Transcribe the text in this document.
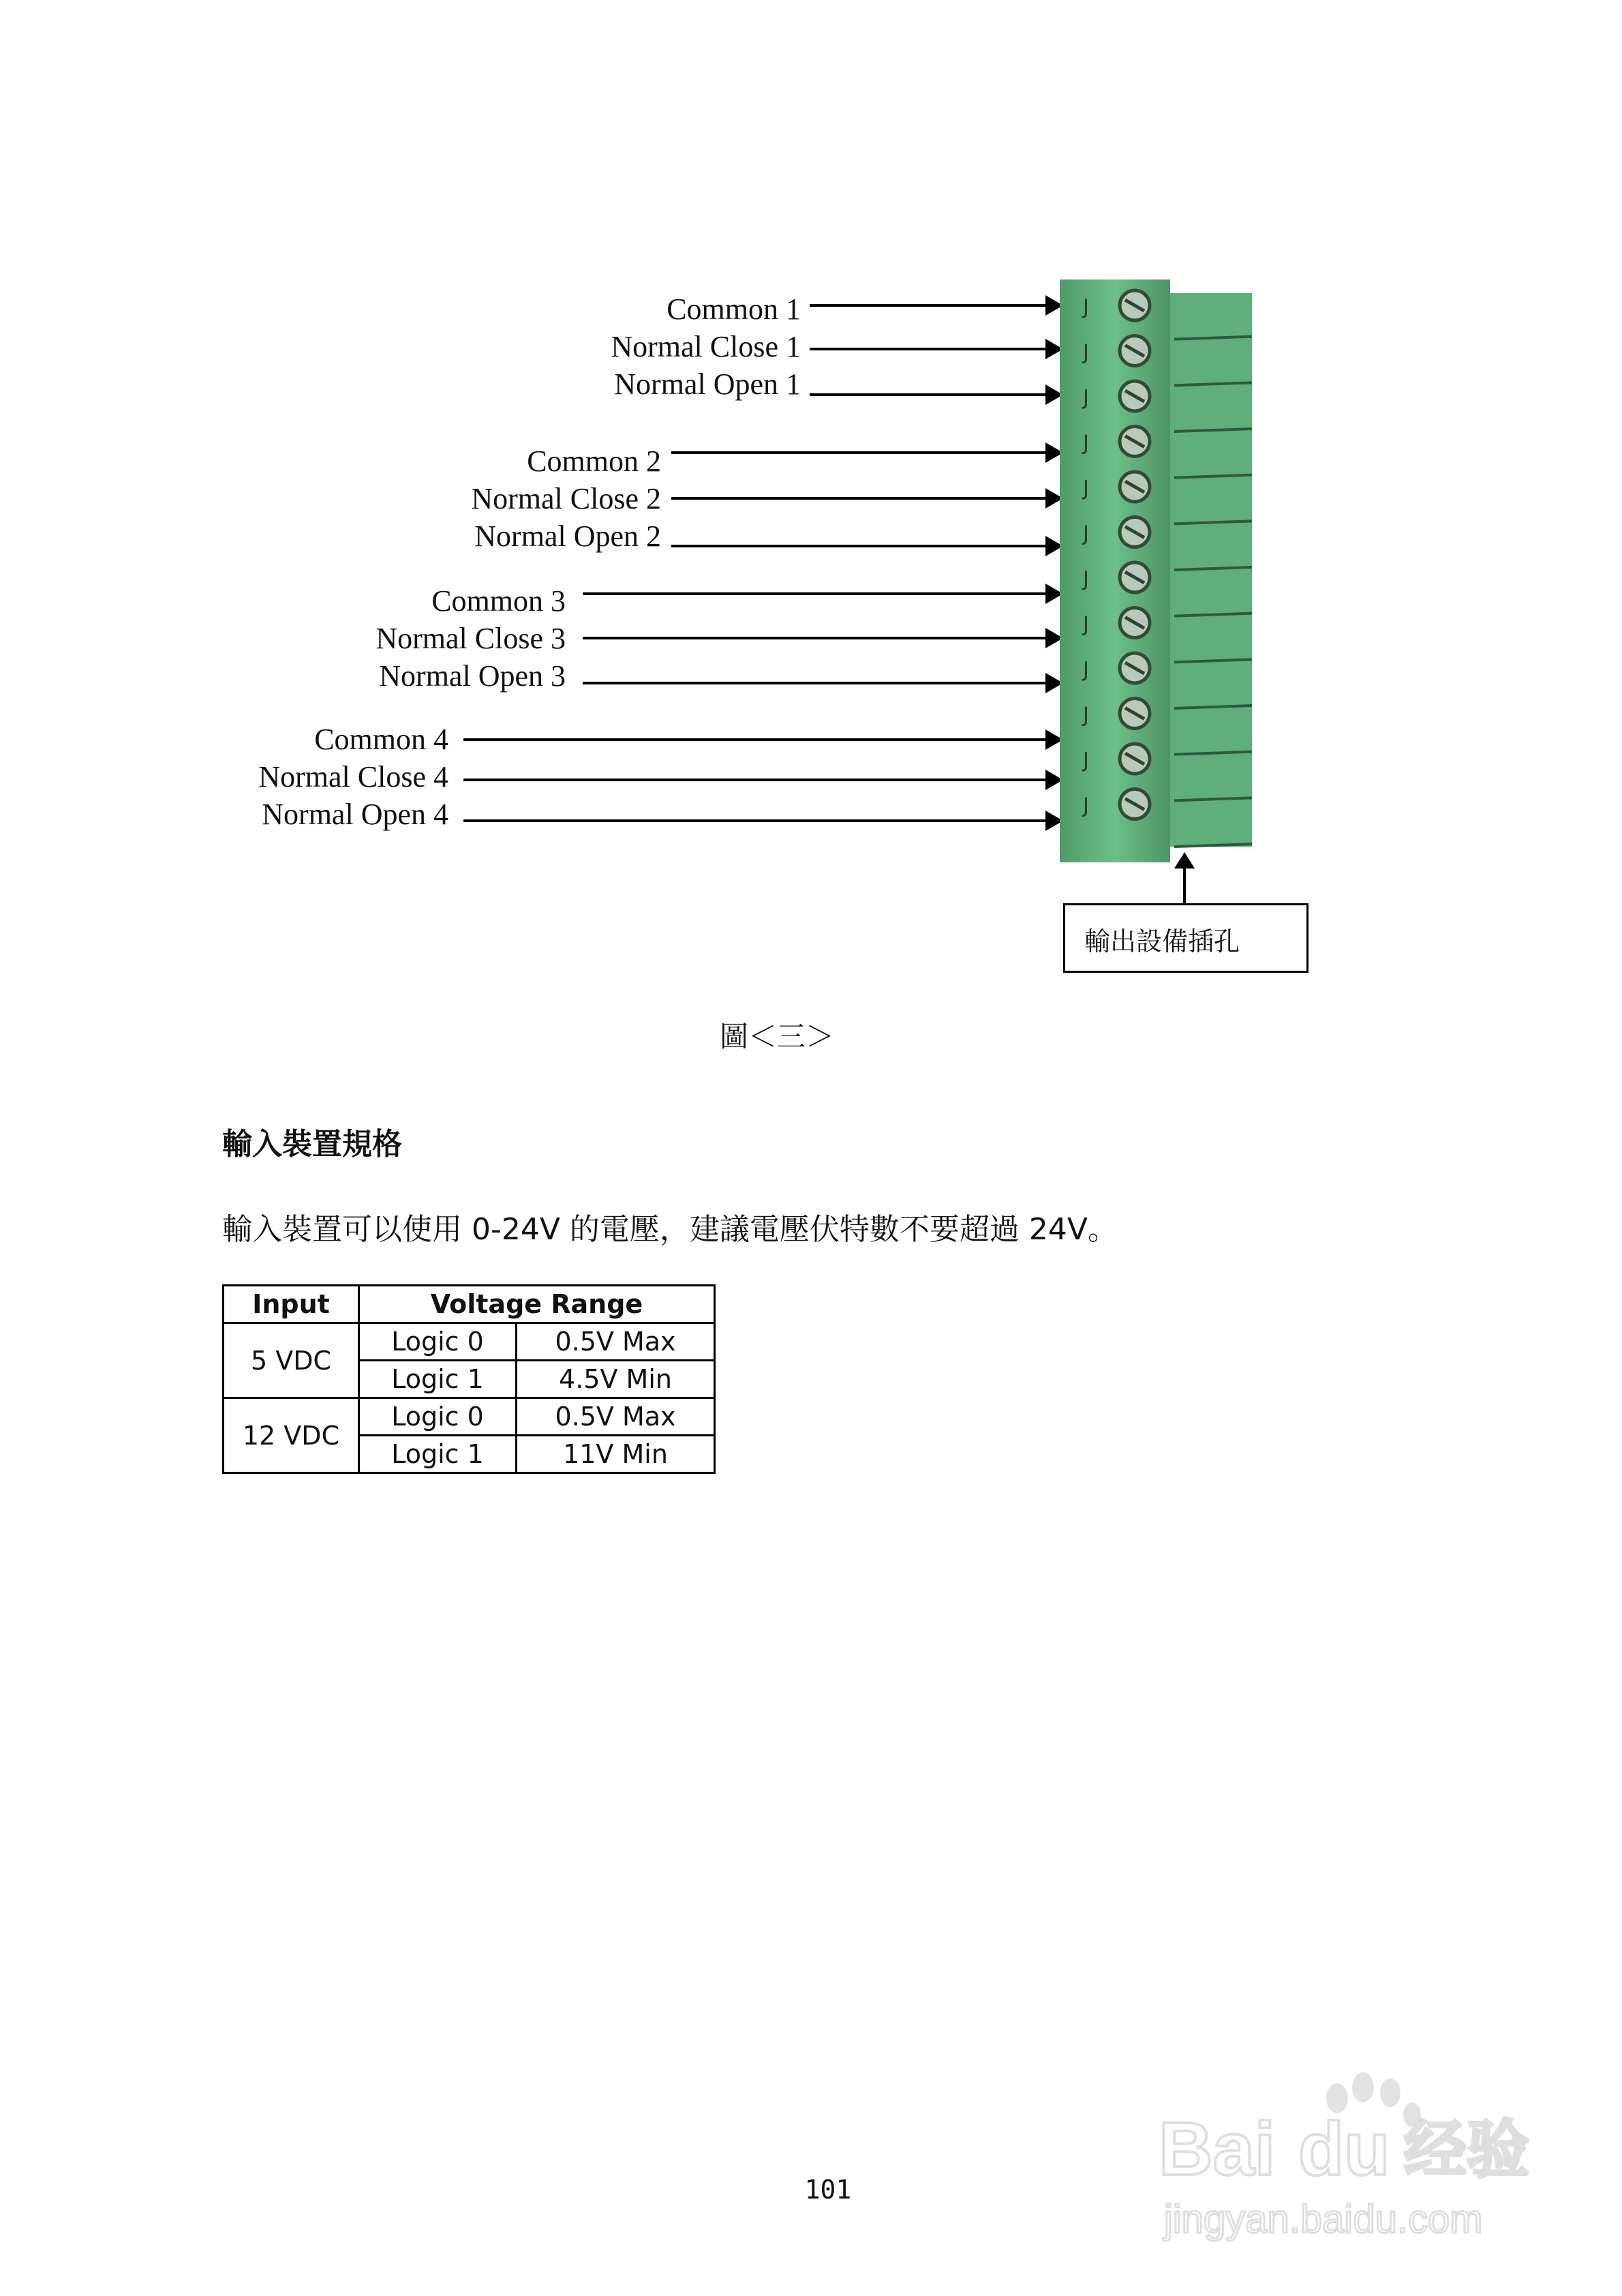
Common 1
Normal Close 1
Normal Open 1
Common 2
Normal Close 2
Normal Open 2
Common 3
Normal Close 3
Normal Open 3
Common 4
Normal Close 4
Normal Open 4
J
J
J
J
J
J
J
J
J
J
J
J
輸出設備插孔
圖＜三＞
輸入裝置規格
輸入裝置可以使用 0-24V 的電壓，建議電壓伏特數不要超過 24V。
Input	Voltage Range	
5 VDC	Logic 0	0.5V Max
	Logic 1	4.5V Min
12 VDC	Logic 0	0.5V Max
	Logic 1	11V Min
101	Bai du 经验
jingyan.baidu.com
